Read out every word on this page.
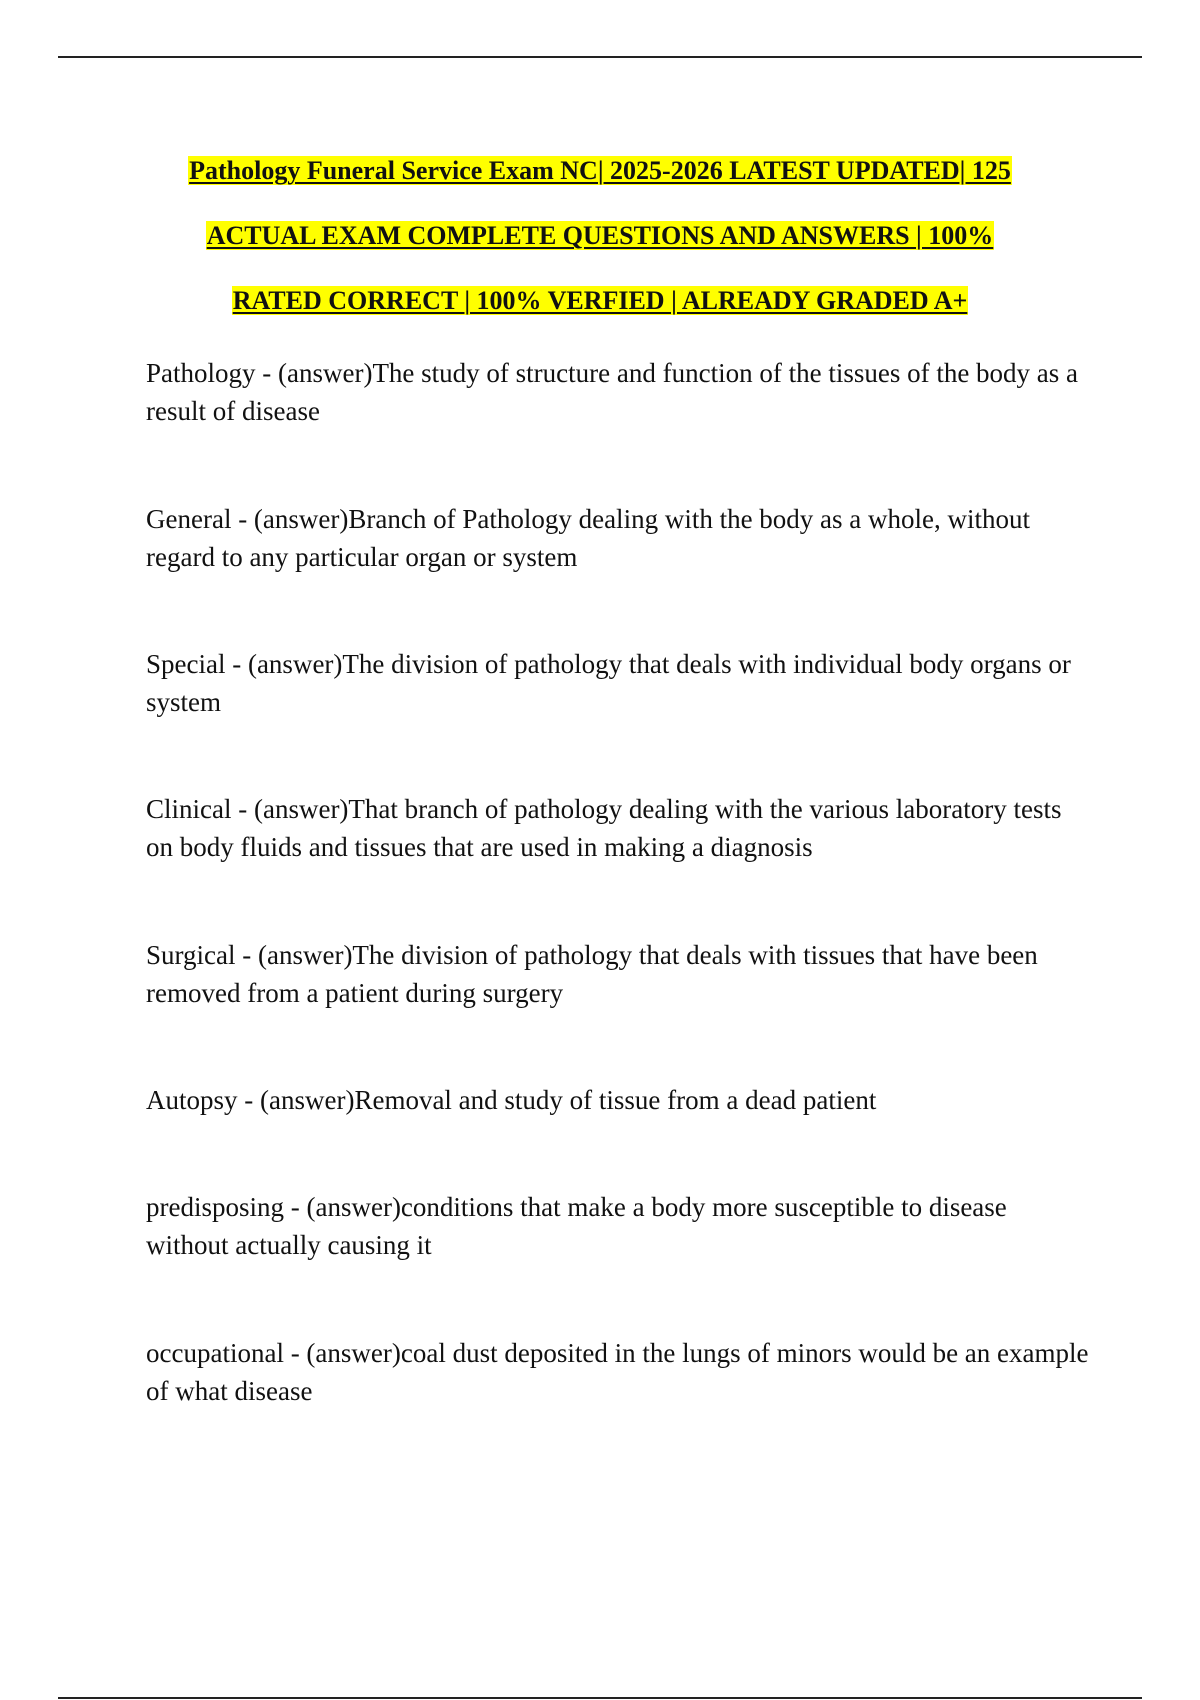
Pathology Funeral Service Exam NC| 2025-2026 LATEST UPDATED| 125
ACTUAL EXAM COMPLETE QUESTIONS AND ANSWERS | 100%
RATED CORRECT | 100% VERFIED | ALREADY GRADED A+
Pathology - (answer)The study of structure and function of the tissues of the body as a result of disease
General - (answer)Branch of Pathology dealing with the body as a whole, without regard to any particular organ or system
Special - (answer)The division of pathology that deals with individual body organs or system
Clinical - (answer)That branch of pathology dealing with the various laboratory tests on body fluids and tissues that are used in making a diagnosis
Surgical - (answer)The division of pathology that deals with tissues that have been removed from a patient during surgery
Autopsy - (answer)Removal and study of tissue from a dead patient
predisposing - (answer)conditions that make a body more susceptible to disease without actually causing it
occupational - (answer)coal dust deposited in the lungs of minors would be an example of what disease
